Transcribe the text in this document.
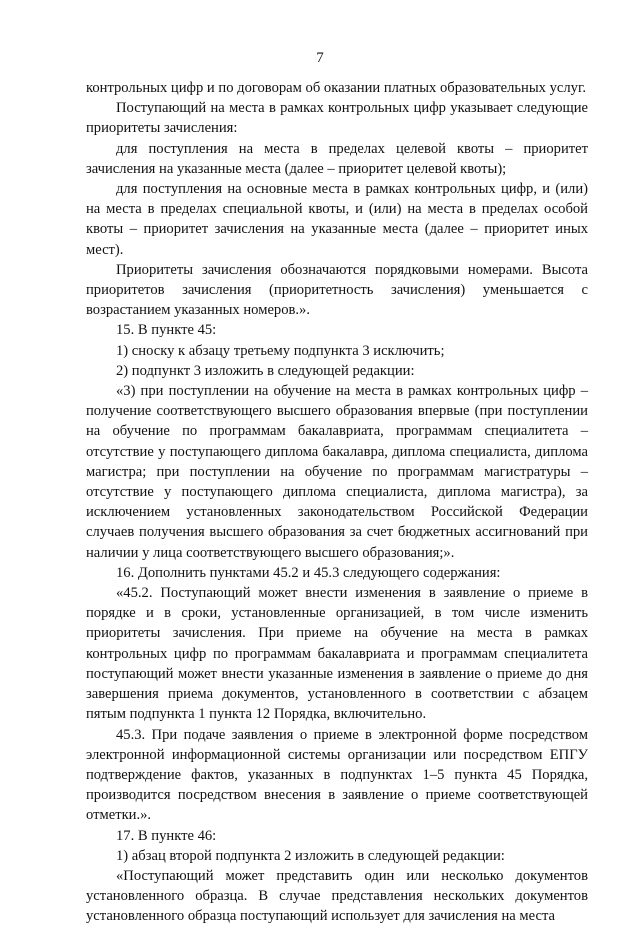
7

контрольных цифр и по договорам об оказании платных образовательных услуг.

Поступающий на места в рамках контрольных цифр указывает следующие приоритеты зачисления:

для поступления на места в пределах целевой квоты – приоритет зачисления на указанные места (далее – приоритет целевой квоты);

для поступления на основные места в рамках контрольных цифр, и (или) на места в пределах специальной квоты, и (или) на места в пределах особой квоты – приоритет зачисления на указанные места (далее – приоритет иных мест).

Приоритеты зачисления обозначаются порядковыми номерами. Высота приоритетов зачисления (приоритетность зачисления) уменьшается с возрастанием указанных номеров.».

15. В пункте 45:

1) сноску к абзацу третьему подпункта 3 исключить;

2) подпункт 3 изложить в следующей редакции:

«3) при поступлении на обучение на места в рамках контрольных цифр – получение соответствующего высшего образования впервые (при поступлении на обучение по программам бакалавриата, программам специалитета – отсутствие у поступающего диплома бакалавра, диплома специалиста, диплома магистра; при поступлении на обучение по программам магистратуры – отсутствие у поступающего диплома специалиста, диплома магистра), за исключением установленных законодательством Российской Федерации случаев получения высшего образования за счет бюджетных ассигнований при наличии у лица соответствующего высшего образования;».

16. Дополнить пунктами 45.2 и 45.3 следующего содержания:

«45.2. Поступающий может внести изменения в заявление о приеме в порядке и в сроки, установленные организацией, в том числе изменить приоритеты зачисления. При приеме на обучение на места в рамках контрольных цифр по программам бакалавриата и программам специалитета поступающий может внести указанные изменения в заявление о приеме до дня завершения приема документов, установленного в соответствии с абзацем пятым подпункта 1 пункта 12 Порядка, включительно.

45.3. При подаче заявления о приеме в электронной форме посредством электронной информационной системы организации или посредством ЕПГУ подтверждение фактов, указанных в подпунктах 1–5 пункта 45 Порядка, производится посредством внесения в заявление о приеме соответствующей отметки.».

17. В пункте 46:

1) абзац второй подпункта 2 изложить в следующей редакции:

«Поступающий может представить один или несколько документов установленного образца. В случае представления нескольких документов установленного образца поступающий использует для зачисления на места
